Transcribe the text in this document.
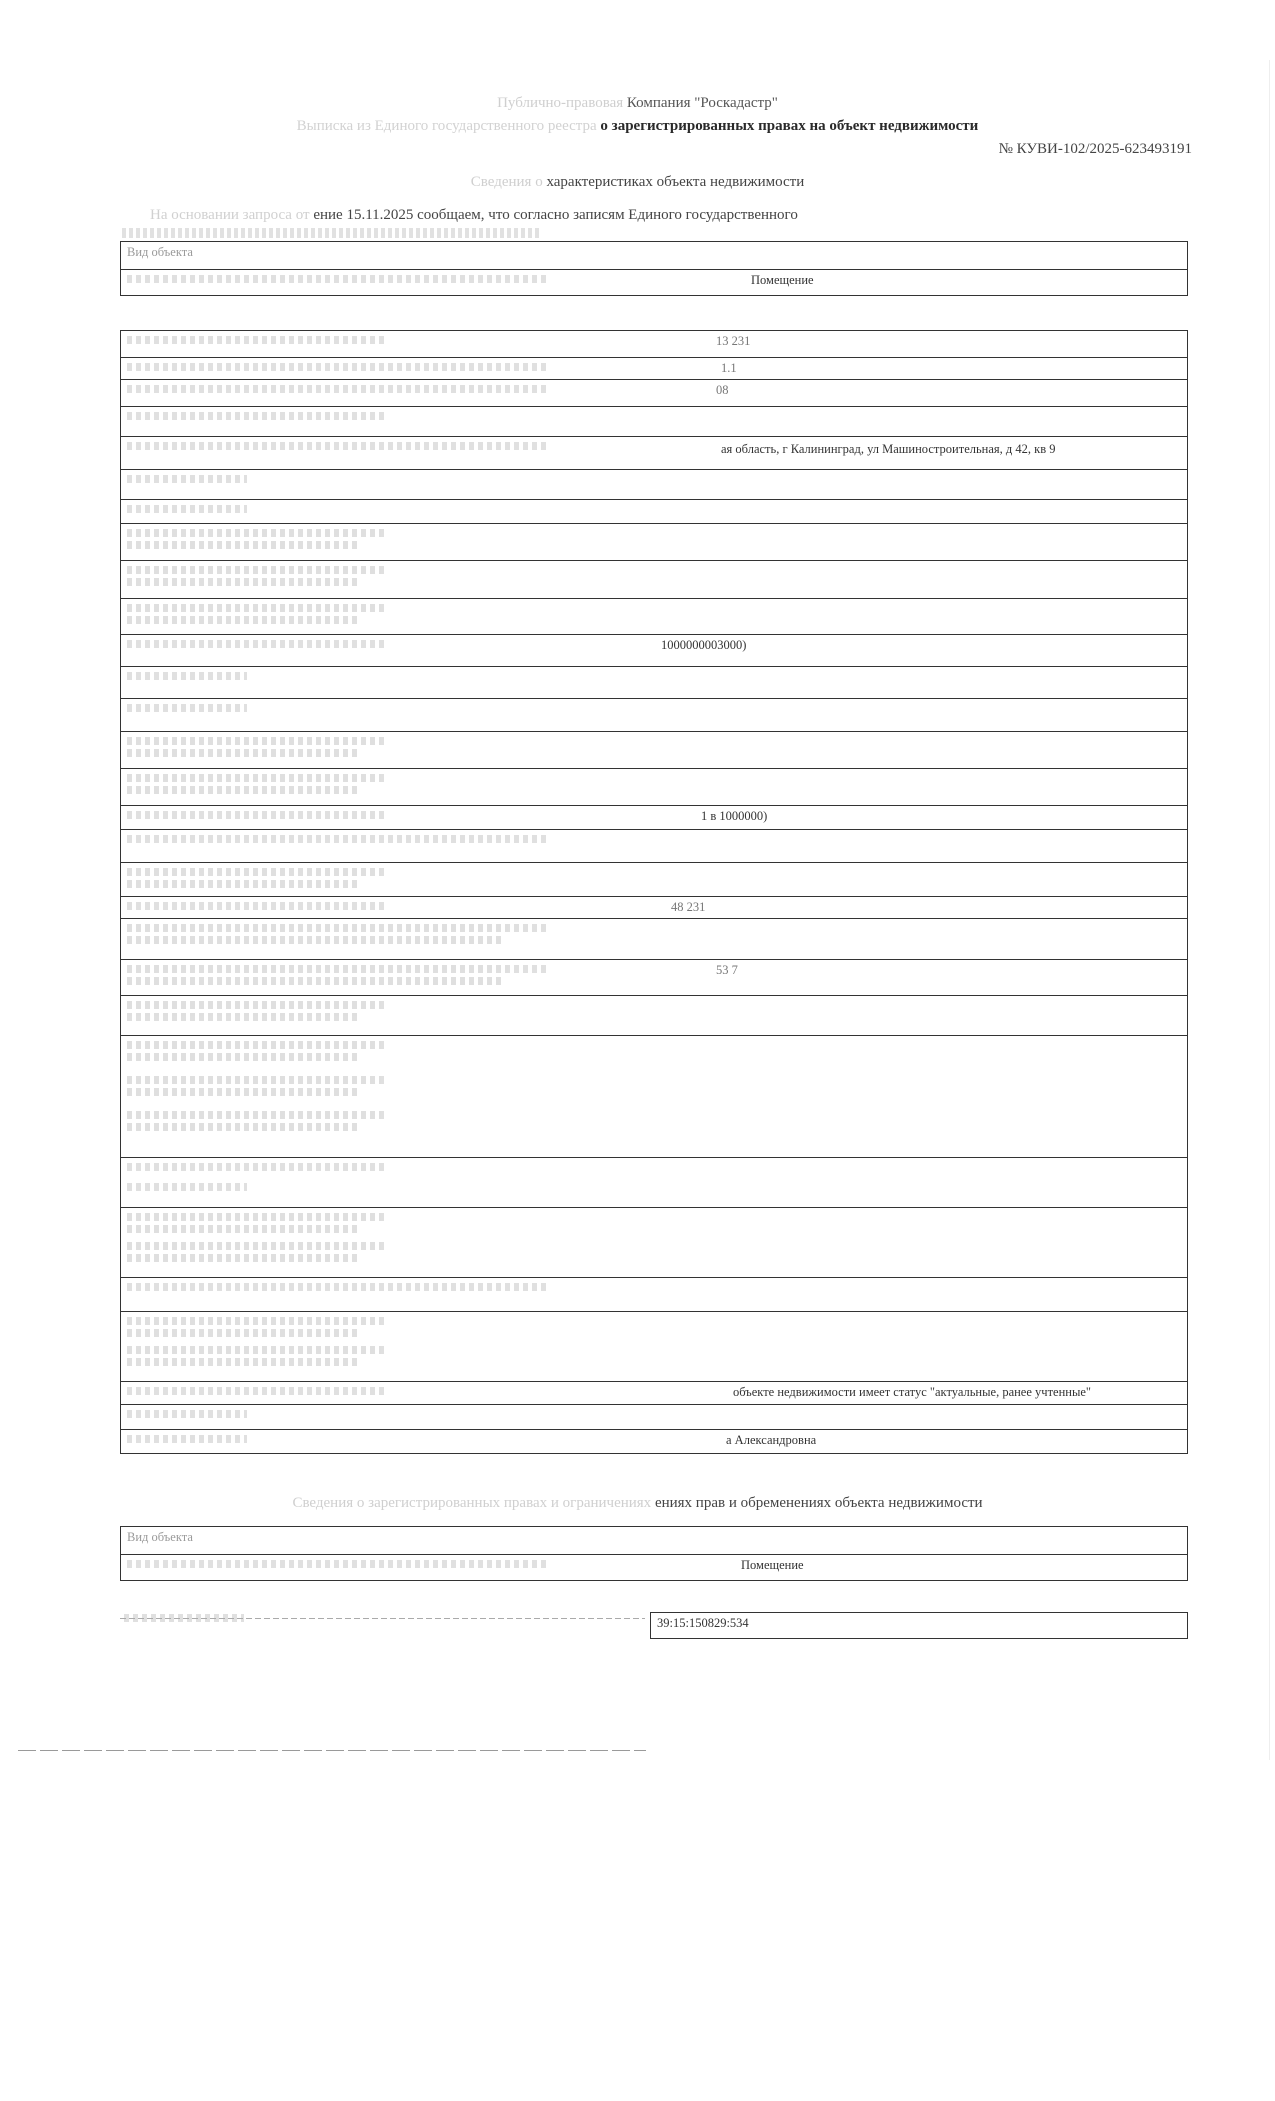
Публично-правовая Компания "Роскадастр"
Выписка из Единого государственного реестра о зарегистрированных правах на объект недвижимости
№ КУВИ-102/2025-623493191
Сведения о характеристиках объекта недвижимости
На основании запроса от ение 15.11.2025 сообщаем, что согласно записям Единого государственного
Вид объекта
Помещение
13 231
1.1
08
ая область, г Калининград, ул Машиностроительная, д 42, кв 9
1000000003000)
1 в 1000000)
48 231
53 7
объекте недвижимости имеет статус "актуальные, ранее учтенные"
а Александровна
Сведения о зарегистрированных правах и ограничениях ениях прав и обременениях объекта недвижимости
Вид объекта
Помещение
39:15:150829:534
